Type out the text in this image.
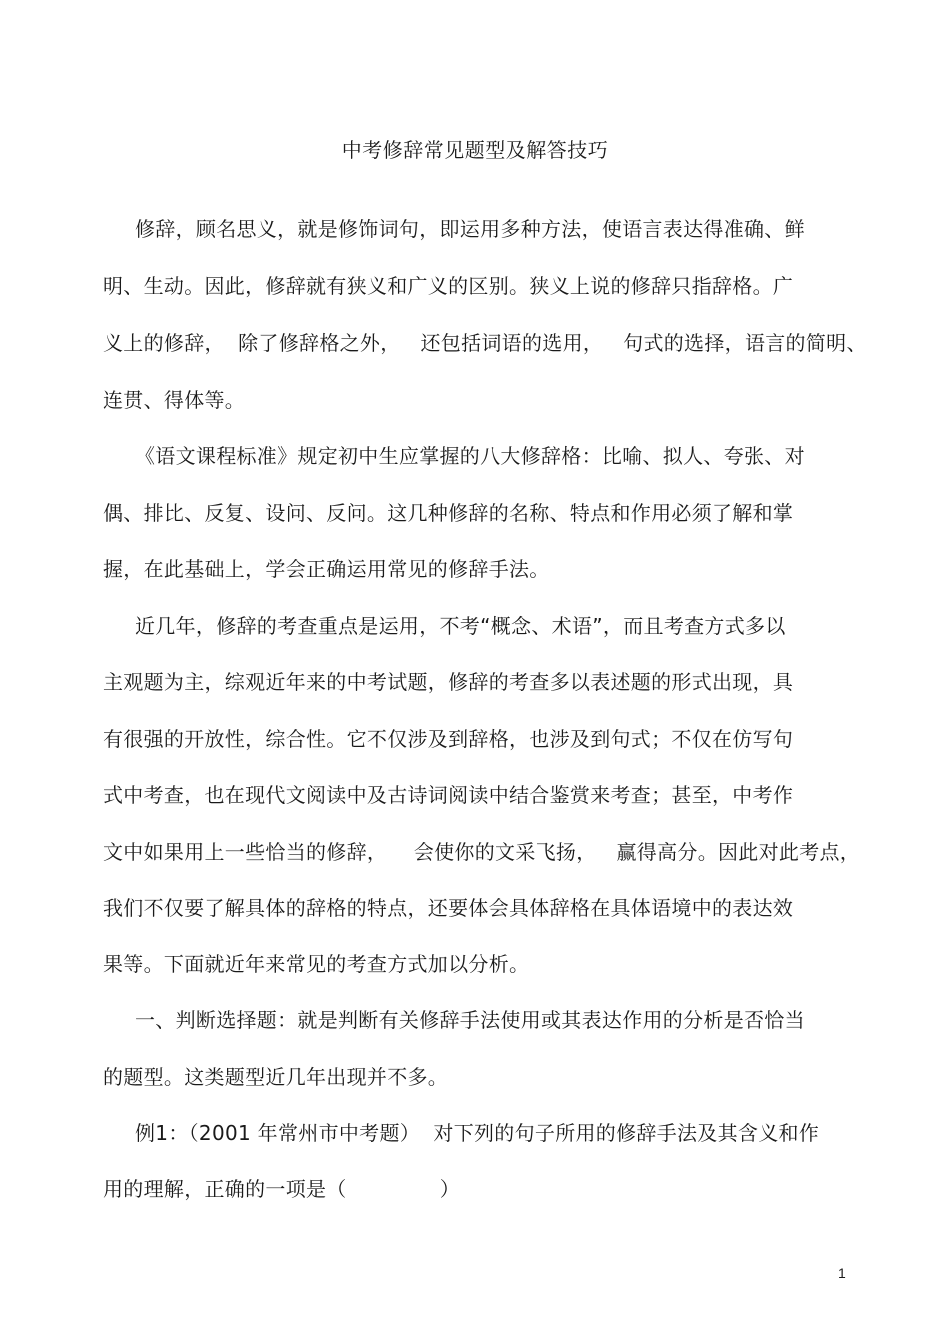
中考修辞常见题型及解答技巧
修辞，顾名思义，就是修饰词句，即运用多种方法，使语言表达得准确、鲜
明、生动。因此，修辞就有狭义和广义的区别。狭义上说的修辞只指辞格。广
义上的修辞，  除了修辞格之外，   还包括词语的选用，   句式的选择，语言的简明、
连贯、得体等。
《语文课程标准》规定初中生应掌握的八大修辞格：比喻、拟人、夸张、对
偶、排比、反复、设问、反问。这几种修辞的名称、特点和作用必须了解和掌
握，在此基础上，学会正确运用常见的修辞手法。
近几年，修辞的考查重点是运用，不考“概念、术语”，而且考查方式多以
主观题为主，综观近年来的中考试题，修辞的考查多以表述题的形式出现，具
有很强的开放性，综合性。它不仅涉及到辞格，也涉及到句式；不仅在仿写句
式中考查，也在现代文阅读中及古诗词阅读中结合鉴赏来考查；甚至，中考作
文中如果用上一些恰当的修辞，    会使你的文采飞扬，   赢得高分。因此对此考点，
我们不仅要了解具体的辞格的特点，还要体会具体辞格在具体语境中的表达效
果等。下面就近年来常见的考查方式加以分析。
一、判断选择题：就是判断有关修辞手法使用或其表达作用的分析是否恰当
的题型。这类题型近几年出现并不多。
例1：（2001 年常州市中考题）  对下列的句子所用的修辞手法及其含义和作
用的理解，正确的一项是（              ）
1
